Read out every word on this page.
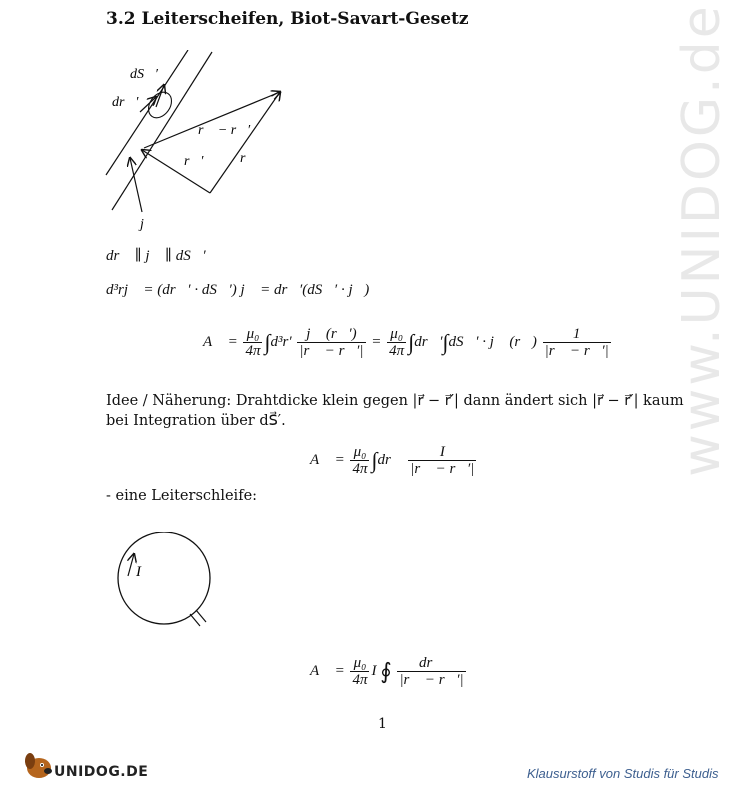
www.UNIDOG.de
3.2 Leiterscheifen, Biot-Savart-Gesetz
dS⃗′
dr⃗′
r⃗ − r⃗′
r⃗′	r⃗
j⃗
dr⃗ ∥ j⃗ ∥ dS⃗′
d³rj⃗ = (dr⃗′ · dS⃗′) j⃗ = dr⃗′(dS⃗′ · j⃗)
A⃗ = $\frac{\text{μ₀}}{4\pi} \int d^3r' \frac{j⃗ (r⃗')}{|r⃗ - r⃗'|} = \frac{\text{μ₀}}{4\pi}$ ∫dr⃗′∫dS⃗′ · j⃗ (r⃗) $\frac{1}{|r⃗ - r⃗'|}$
Idee / Näherung: Drahtdicke klein gegen |r⃗ − r⃗′| dann ändert sich |r⃗ − r⃗′| kaum
bei Integration über dS⃗′.
A⃗ = $\frac{\text{μ₀}}{4\pi}$ ∫dr⃗ $\frac{I}{|r⃗ - r⃗'|}$
- eine Leiterschleife:
I
A⃗ = $\frac{\text{μ₀}}{4\pi}$ I ∮ $\frac{dr⃗}{|r⃗ - r⃗'|}$
1
UNIDOG.DE	Klausurstoff von Studis für Studis
